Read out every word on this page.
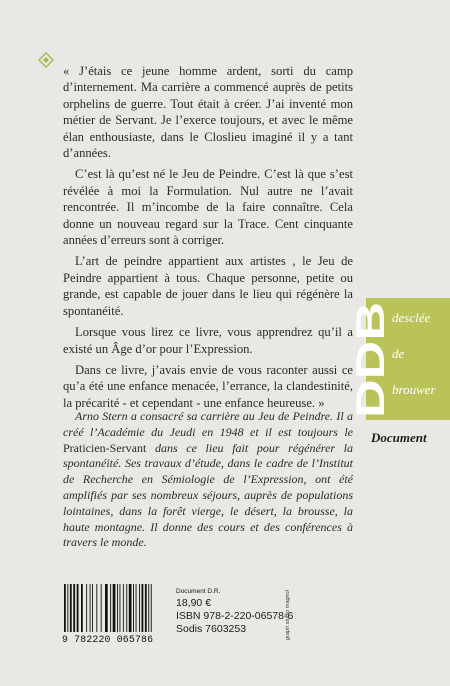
« J’étais ce jeune homme ardent, sorti du camp d’internement. Ma carrière a commencé auprès de petits orphelins de guerre. Tout était à créer. J’ai inventé mon métier de Servant. Je l’exerce toujours, et avec le même élan enthousiaste, dans le Closlieu imaginé il y a tant d’années.

C’est là qu’est né le Jeu de Peindre. C’est là que s’est révélée à moi la Formulation. Nul autre ne l’avait rencontrée. Il m’incombe de la faire connaître. Cela donne un nouveau regard sur la Trace. Cent cinquante années d’erreurs sont à corriger.

L’art de peindre appartient aux artistes , le Jeu de Peindre appartient à tous. Chaque personne, petite ou grande, est capable de jouer dans le lieu qui régénère la spontanéité.

Lorsque vous lirez ce livre, vous apprendrez qu’il a existé un Âge d’or pour l’Expression.

Dans ce livre, j’avais envie de vous raconter aussi ce qu’a été une enfance menacée, l’errance, la clandestinité, la précarité - et cependant - une enfance heureuse. »

Arno Stern a consacré sa carrière au Jeu de Peindre. Il a créé l’Académie du Jeudi en 1948 et il est toujours le Praticien-Servant dans ce lieu fait pour régénérer la spontanéité. Ses travaux d’étude, dans le cadre de l’Institut de Recherche en Sémiologie de l’Expression, ont été amplifiés par ses nombreux séjours, auprès de populations lointaines, dans la forêt vierge, le désert, la brousse, la haute montagne. Il donne des cours et des conférences à travers le monde.

DDB
desclée
de
brouwer
Document
9 782220 065786
Document D.R.
18,90 €
ISBN 978-2-220-06578-6
Sodis 7603253	graph studio magnol
